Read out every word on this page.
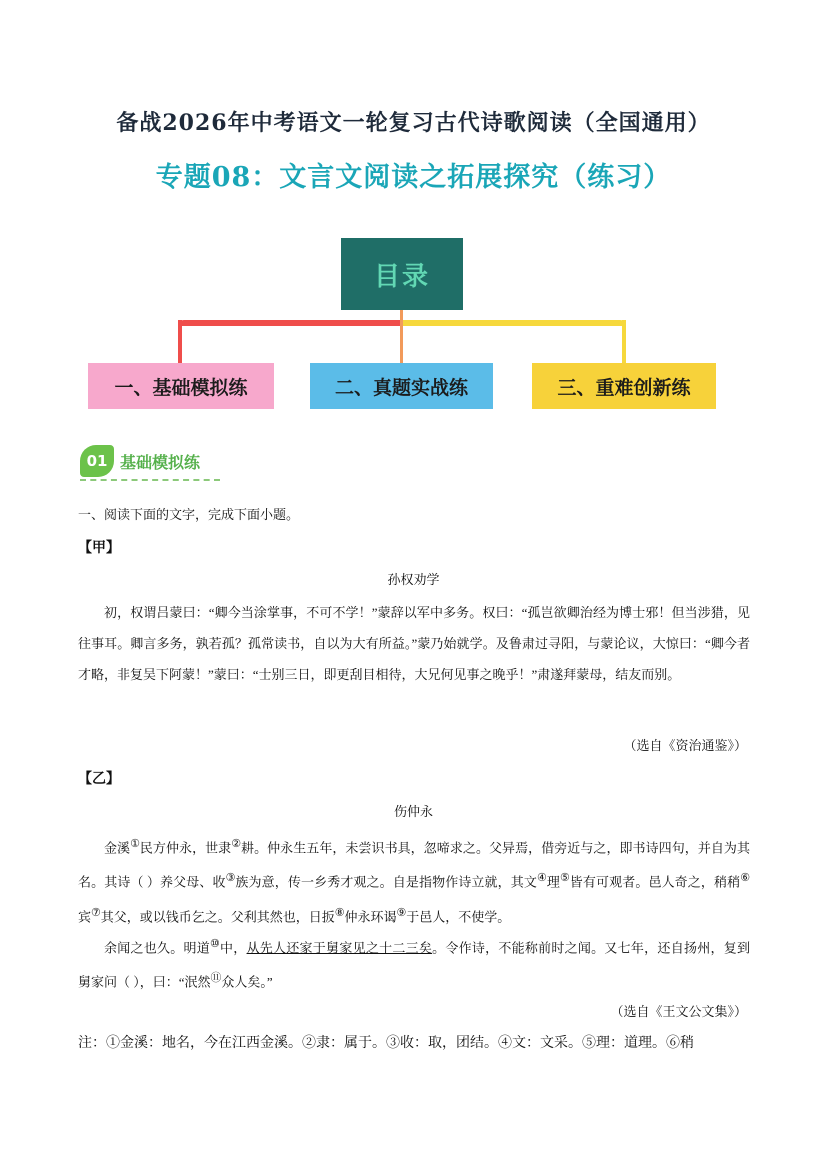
备战2026年中考语文一轮复习古代诗歌阅读（全国通用）
专题08：文言文阅读之拓展探究（练习）
目录
一、基础模拟练	二、真题实战练	三、重难创新练
01 基础模拟练
一、阅读下面的文字，完成下面小题。
【甲】
孙权劝学
初，权谓吕蒙曰：“卿今当涂掌事，不可不学！”蒙辞以军中多务。权曰：“孤岂欲卿治经为博士邪！但当涉猎，见往事耳。卿言多务，孰若孤？孤常读书，自以为大有所益。”蒙乃始就学。及鲁肃过寻阳，与蒙论议，大惊曰：“卿今者才略，非复吴下阿蒙！”蒙曰：“士别三日，即更刮目相待，大兄何见事之晚乎！”肃遂拜蒙母，结友而别。
（选自《资治通鉴》）
【乙】
伤仲永
金溪①民方仲永，世隶②耕。仲永生五年，未尝识书具，忽啼求之。父异焉，借旁近与之，即书诗四句，并自为其名。其诗（ ）养父母、收③族为意，传一乡秀才观之。自是指物作诗立就，其文④理⑤皆有可观者。邑人奇之，稍稍⑥宾⑦其父，或以钱币乞之。父利其然也，日扳⑧仲永环谒⑨于邑人，不使学。
余闻之也久。明道⑩中，从先人还家于舅家见之十二三矣。令作诗，不能称前时之闻。又七年，还自扬州，复到舅家问（ ），曰：“泯然⑪众人矣。”
（选自《王文公文集》）
注：①金溪：地名，今在江西金溪。②隶：属于。③收：取，团结。④文：文采。⑤理：道理。⑥稍
